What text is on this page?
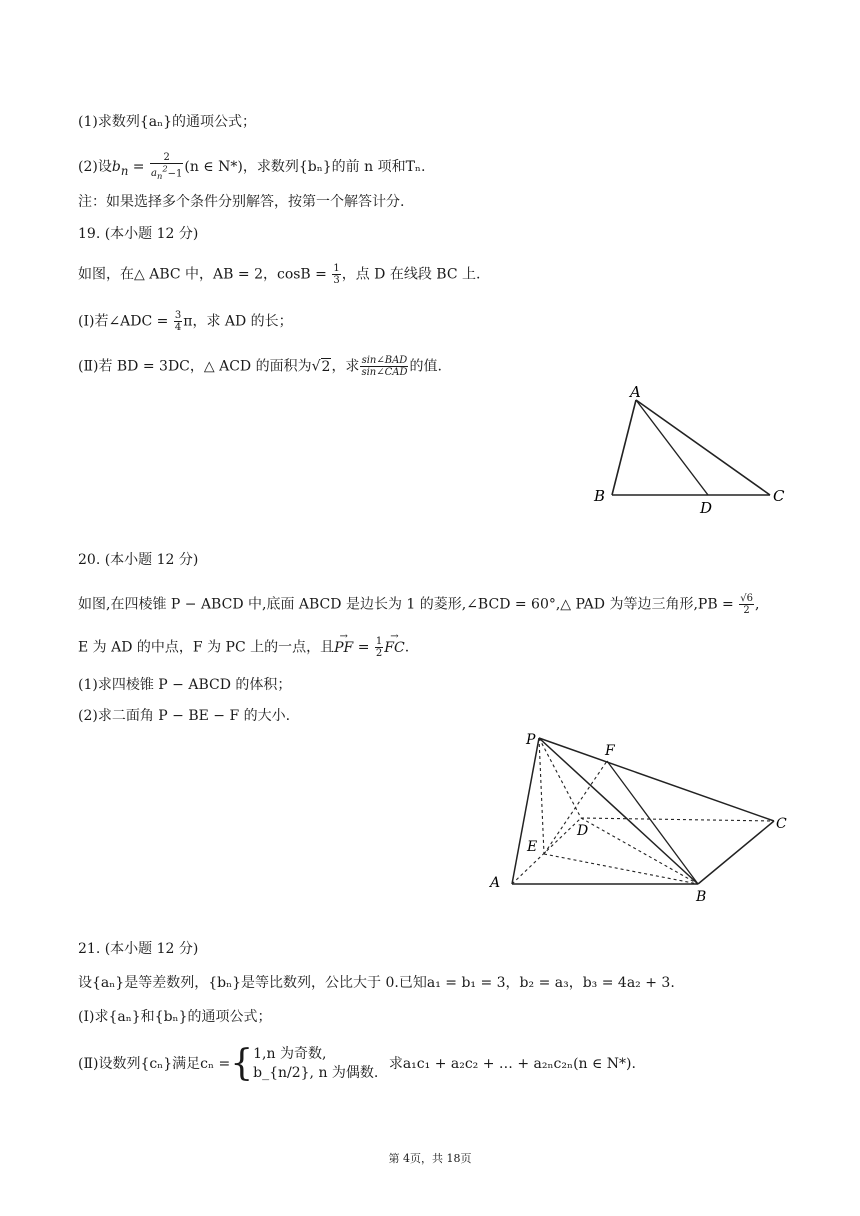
(1)求数列{aₙ}的通项公式；
(2)设$b_n = \frac{2}{a_n^2-1} (n$ ∈ N*)，求数列{bₙ}的前 n 项和Tₙ.
注：如果选择多个条件分别解答，按第一个解答计分.
19. (本小题 12 分)
如图，在△ ABC 中，AB = 2，$\cos B = \frac{1}{3}$ ，点 D 在线段 BC 上.
(Ⅰ)若∠ADC = $\frac{3}{4}$ π，求 AD 的长；
(Ⅱ)若 BD = 3DC，△ ACD 的面积为√2，求 $\frac{\text{sin∠BAD}}{\text{sin∠CAD}}$ 的值.
A
B	C
D
20. (本小题 12 分)
如图,在四棱锥 P − ABCD 中,底面 ABCD 是边长为 1 的菱形,∠BCD = 60°,△ PAD 为等边三角形$,PB = \frac{√6}{2}$ ,
E 为 AD 的中点，F 为 PC 上的一点，且→ PF = $\frac{1}{2}$
→ FC.
(1)求四棱锥 P − ABCD 的体积；
(2)求二面角 P − BE − F 的大小.
P
F
D	C
E
A
B
21. (本小题 12 分)
设{aₙ}是等差数列，{bₙ}是等比数列，公比大于 0.已知a₁ = b₁ = 3，b₂ = a₃，b₃ = 4a₂ + 3.
(Ⅰ)求{aₙ}和{bₙ}的通项公式；
(Ⅱ)设数列{cₙ}满足cₙ ={ 1,n 为奇数,
b_{n/2}, n 为偶数.
求a₁c₁ + a₂c₂ + … + a₂ₙc₂ₙ(n ∈ N*).
第 4页，共 18页
